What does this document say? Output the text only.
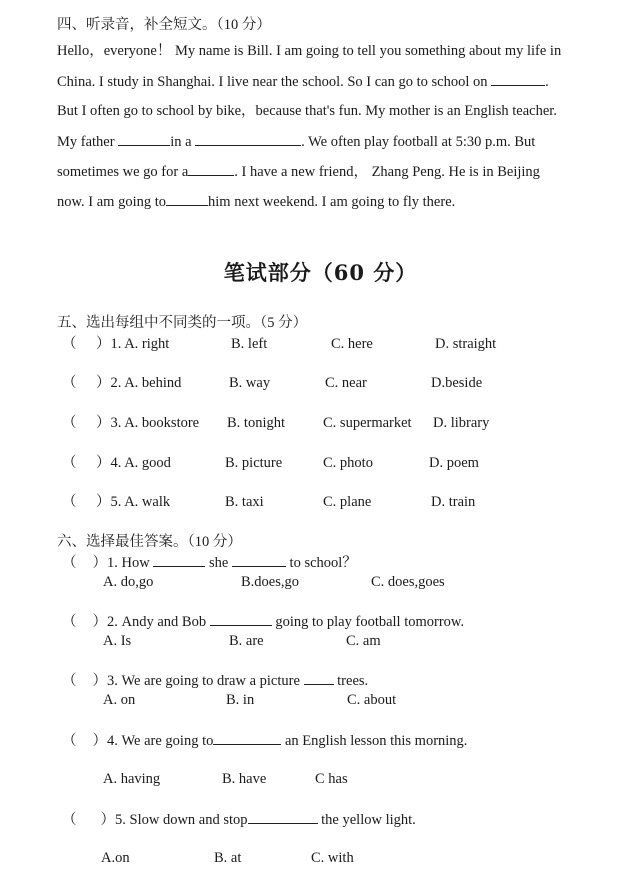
四、听录音，补全短文。（10 分）
Hello，everyone！ My name is Bill. I am going to tell you something about my life in
China. I study in Shanghai. I live near the school. So I can go to school on	.
But I often go to school by bike，because that's fun. My mother is an English teacher.
My father	in a	. We often play football at 5:30 p.m. But
sometimes we go for a	. I have a new friend， Zhang Peng. He is in Beijing
now. I am going to	him next weekend. I am going to fly there.
笔试部分（60 分）
五、选出每组中不同类的一项。（5 分）
（ ）1. A. right	B. left	C. here	D. straight
（ ）2. A. behind	B. way	C. near	D.beside
（ ）3. A. bookstore B. tonight	C. supermarket D. library
（ ）4. A. good	B. picture	C. photo	D. poem
（ ）5. A. walk	B. taxi	C. plane	D. train
六、选择最佳答案。（10 分）
（ ）1. How	she	to school？
A. do,go	B.does,go	C. does,goes
（ ）2. Andy and Bob	going to play football tomorrow.
A. Is	B. are	C. am
（ ）3. We are going to draw a picture  trees.
A. on	B. in	C. about
（ ）4. We are going to	an English lesson this morning.
A. having	B. have	C has
（ ）5. Slow down and stop	the yellow light.
A.on	B. at	C. with
